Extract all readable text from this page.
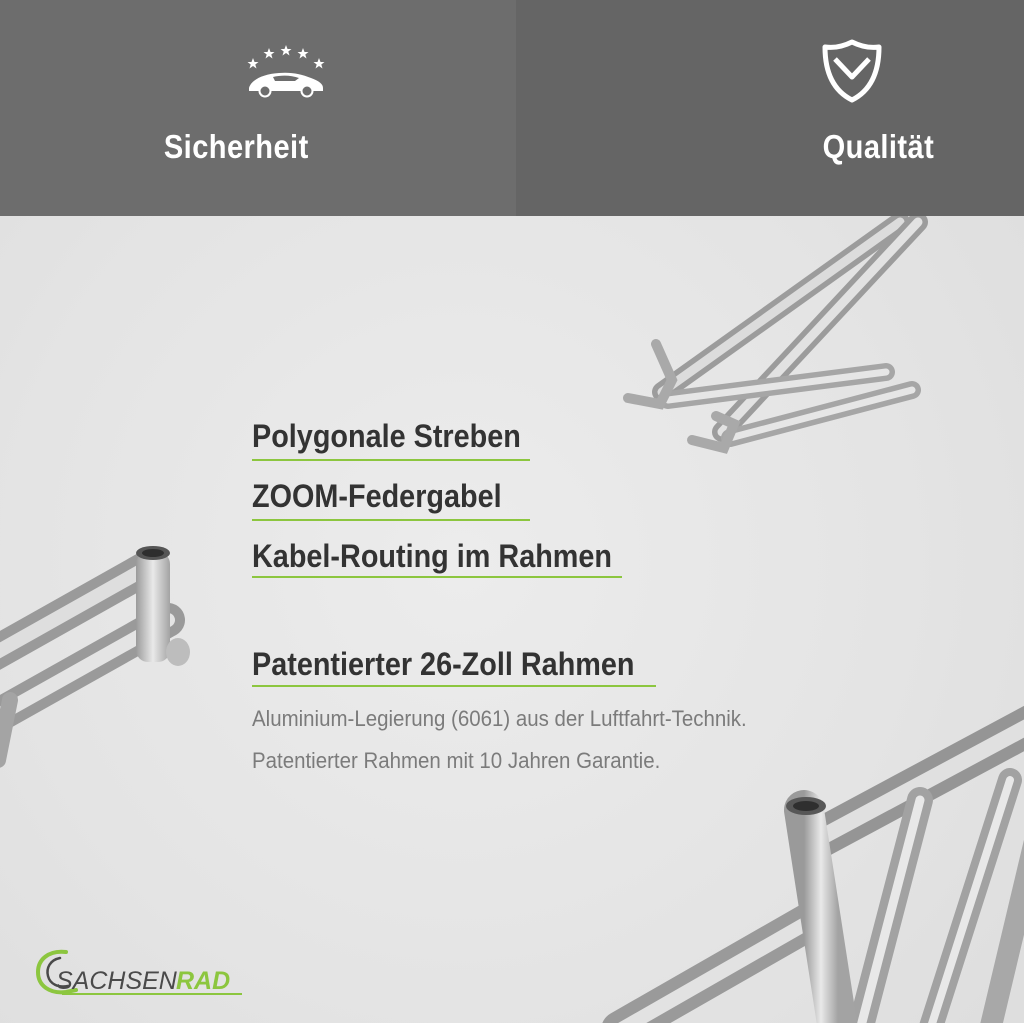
Sicherheit	Qualität
Polygonale Streben
ZOOM-Federgabel
Kabel-Routing im Rahmen
Patentierter 26-Zoll Rahmen
Aluminium-Legierung (6061) aus der Luftfahrt-Technik.
Patentierter Rahmen mit 10 Jahren Garantie.
SACHSEN RAD
